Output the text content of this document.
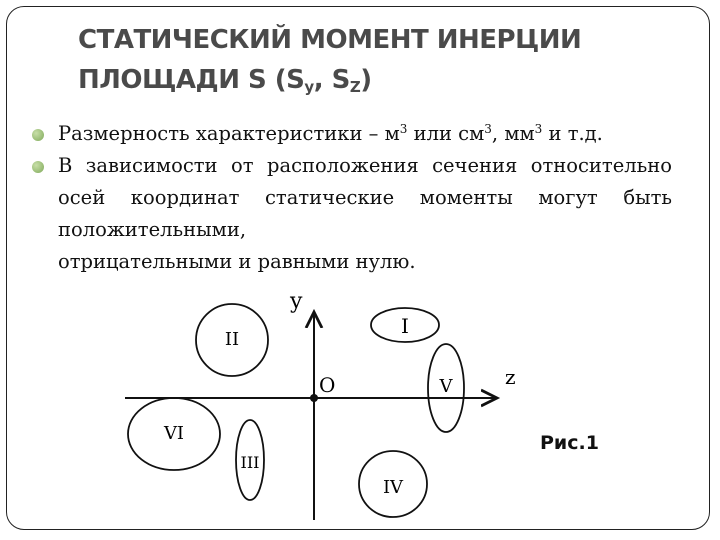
СТАТИЧЕСКИЙ МОМЕНТ ИНЕРЦИИ
ПЛОЩАДИ S ($S_y$, $S_Z$)
Размерность характеристики – $м^3$ или $см^3$, $мм^3$ и т.д.
В зависимости от расположения сечения относительно осей координат статические моменты могут быть положительными,
отрицательными и равными нулю.
y
z
O
I
II
III
IV
V
VI	Рис.1
